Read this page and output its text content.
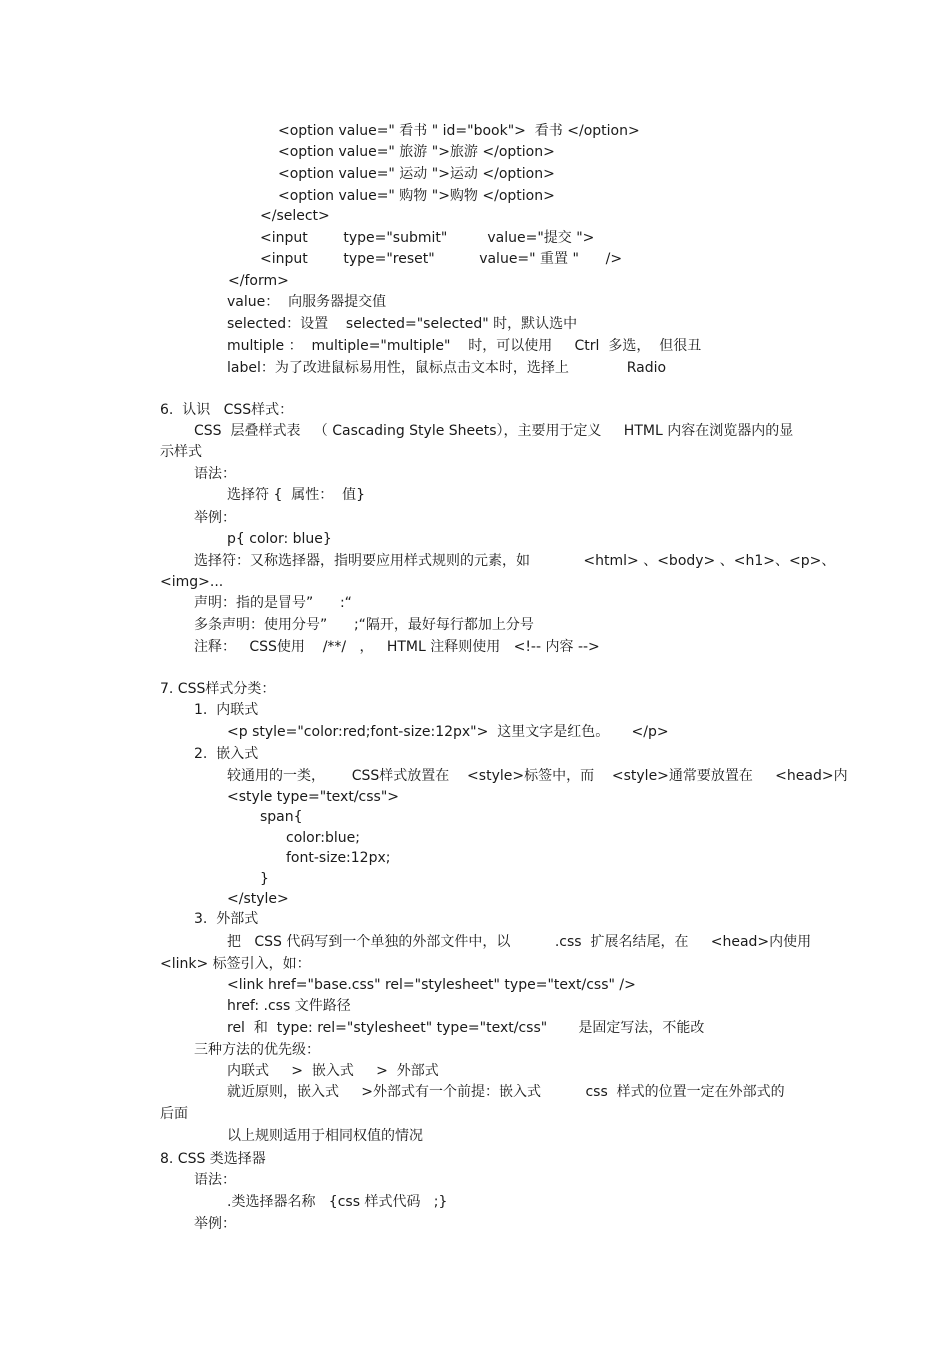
<option value=" 看书 " id="book">  看书 </option>

<option value=" 旅游 ">旅游 </option>

<option value=" 运动 ">运动 </option>

<option value=" 购物 ">购物 </option>

</select>

<input        type="submit"         value="提交 ">

<input        type="reset"          value=" 重置 "      />

</form>

value：  向服务器提交值

selected：设置    selected="selected" 时，默认选中

multiple ：  multiple="multiple"    时，可以使用     Ctrl  多选，  但很丑

label：为了改进鼠标易用性，鼠标点击文本时，选择上             Radio

6.  认识   CSS样式：

CSS  层叠样式表   （ Cascading Style Sheets），主要用于定义     HTML 内容在浏览器内的显

示样式

语法：

选择符 {  属性：  值}

举例：

p{ color: blue}

选择符：又称选择器，指明要应用样式规则的元素，如            <html> 、<body> 、<h1>、<p>、

<img>...

声明：指的是冒号”      :“

多条声明：使用分号”      ;“隔开，最好每行都加上分号

注释：   CSS使用    /**/   ，   HTML 注释则使用   <!-- 内容 -->

7. CSS样式分类：

1.  内联式

<p style="color:red;font-size:12px">  这里文字是红色。     </p>

2.  嵌入式

较通用的一类，      CSS样式放置在    <style>标签中，而    <style>通常要放置在     <head>内

<style type="text/css">

span{

color:blue;

font-size:12px;

}

</style>

3.  外部式

把   CSS 代码写到一个单独的外部文件中，以          .css  扩展名结尾，在     <head>内使用

<link> 标签引入，如：

<link href="base.css" rel="stylesheet" type="text/css" />

href: .css 文件路径

rel  和  type: rel="stylesheet" type="text/css"       是固定写法，不能改

三种方法的优先级：

内联式     >  嵌入式     >  外部式

就近原则，嵌入式     >外部式有一个前提：嵌入式          css  样式的位置一定在外部式的

后面

以上规则适用于相同权值的情况

8. CSS 类选择器

语法：

.类选择器名称   {css 样式代码   ;}

举例：
